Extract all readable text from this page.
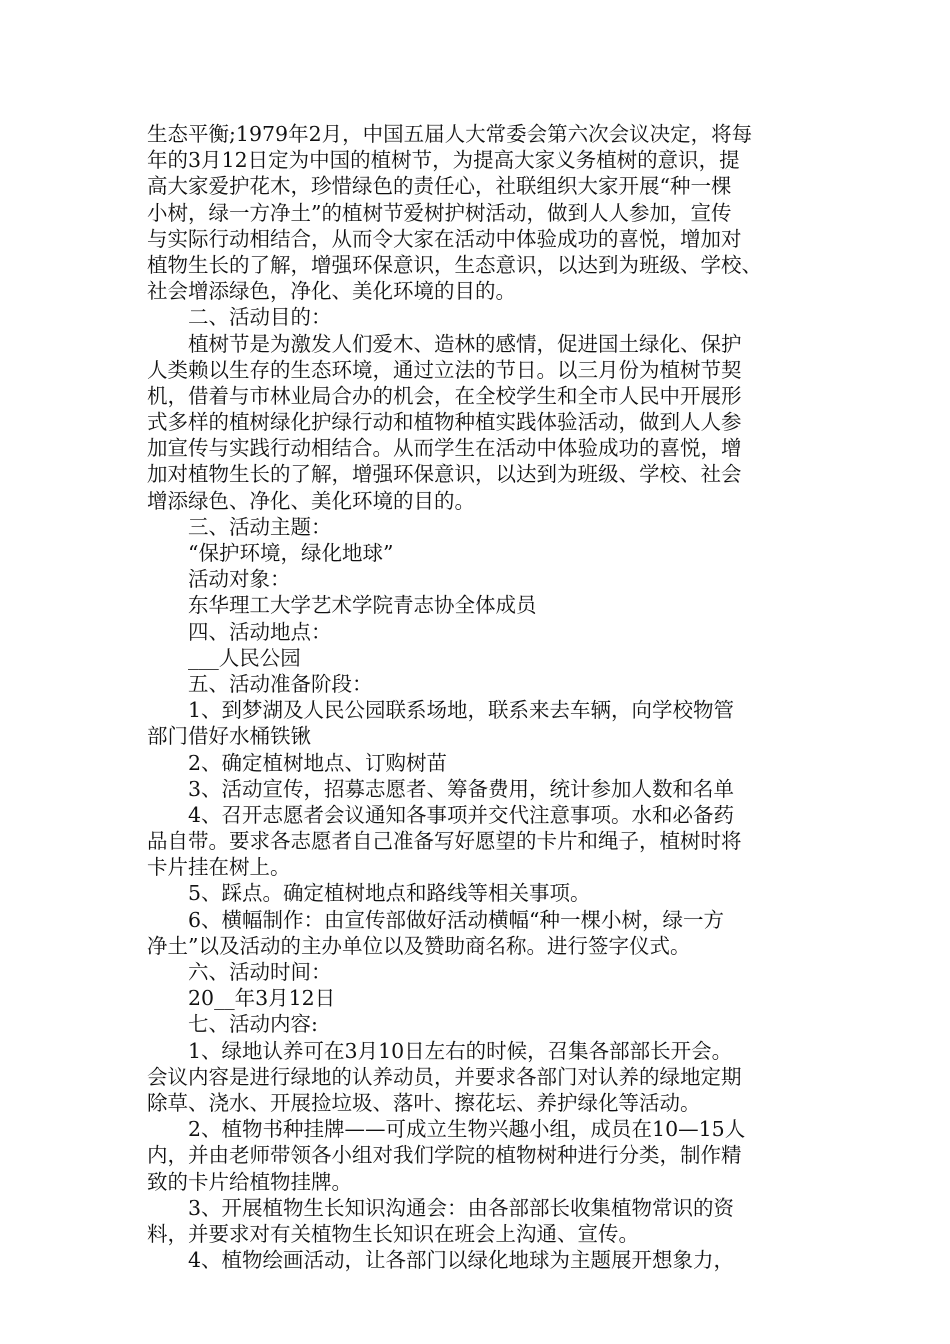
生态平衡;1979年2月，中国五届人大常委会第六次会议决定，将每
年的3月12日定为中国的植树节，为提高大家义务植树的意识，提
高大家爱护花木，珍惜绿色的责任心，社联组织大家开展“种一棵
小树，绿一方净土”的植树节爱树护树活动，做到人人参加，宣传
与实际行动相结合，从而令大家在活动中体验成功的喜悦，增加对
植物生长的了解，增强环保意识，生态意识，以达到为班级、学校、
社会增添绿色，净化、美化环境的目的。
　　二、活动目的：
　　植树节是为激发人们爱木、造林的感情，促进国土绿化、保护
人类赖以生存的生态环境，通过立法的节日。以三月份为植树节契
机，借着与市林业局合办的机会，在全校学生和全市人民中开展形
式多样的植树绿化护绿行动和植物种植实践体验活动，做到人人参
加宣传与实践行动相结合。从而学生在活动中体验成功的喜悦，增
加对植物生长的了解，增强环保意识，以达到为班级、学校、社会
增添绿色、净化、美化环境的目的。
　　三、活动主题：
　　“保护环境，绿化地球”
　　活动对象：
　　东华理工大学艺术学院青志协全体成员
　　四、活动地点：
　　___人民公园
　　五、活动准备阶段：
　　1、到梦湖及人民公园联系场地，联系来去车辆，向学校物管
部门借好水桶铁锹
　　2、确定植树地点、订购树苗
　　3、活动宣传，招募志愿者、筹备费用，统计参加人数和名单
　　4、召开志愿者会议通知各事项并交代注意事项。水和必备药
品自带。要求各志愿者自己准备写好愿望的卡片和绳子，植树时将
卡片挂在树上。
　　5、踩点。确定植树地点和路线等相关事项。
　　6、横幅制作：由宣传部做好活动横幅“种一棵小树，绿一方
净土”以及活动的主办单位以及赞助商名称。进行签字仪式。
　　六、活动时间：
　　20__年3月12日
　　七、活动内容:
　　1、绿地认养可在3月10日左右的时候，召集各部部长开会。
会议内容是进行绿地的认养动员，并要求各部门对认养的绿地定期
除草、浇水、开展捡垃圾、落叶、擦花坛、养护绿化等活动。
　　2、植物书种挂牌——可成立生物兴趣小组，成员在10—15人
内，并由老师带领各小组对我们学院的植物树种进行分类，制作精
致的卡片给植物挂牌。
　　3、开展植物生长知识沟通会：由各部部长收集植物常识的资
料，并要求对有关植物生长知识在班会上沟通、宣传。
　　4、植物绘画活动，让各部门以绿化地球为主题展开想象力，
